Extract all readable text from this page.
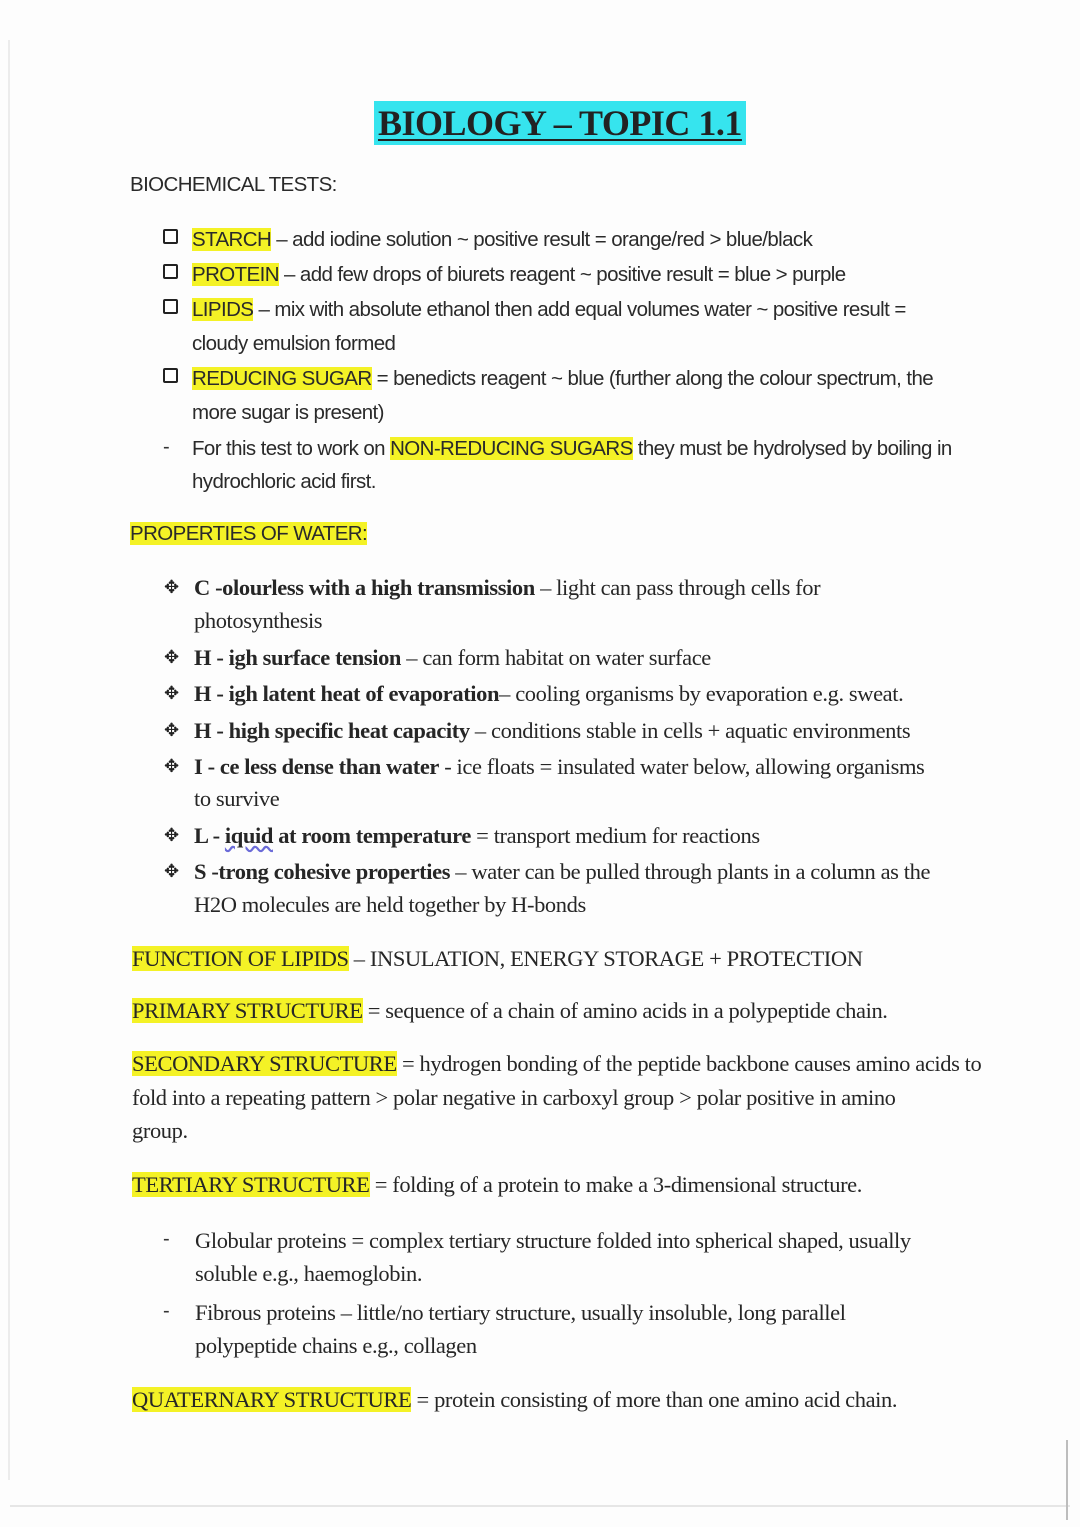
BIOLOGY – TOPIC 1.1
BIOCHEMICAL TESTS:
STARCH – add iodine solution ~ positive result = orange/red > blue/black
PROTEIN – add few drops of biurets reagent ~ positive result = blue > purple
LIPIDS – mix with absolute ethanol then add equal volumes water ~ positive result =
cloudy emulsion formed
REDUCING SUGAR = benedicts reagent ~ blue (further along the colour spectrum, the
more sugar is present)
- For this test to work on NON-REDUCING SUGARS they must be hydrolysed by boiling in
hydrochloric acid first.
PROPERTIES OF WATER:
✥ C -olourless with a high transmission – light can pass through cells for
photosynthesis
✥ H - igh surface tension – can form habitat on water surface
✥ H - igh latent heat of evaporation– cooling organisms by evaporation e.g. sweat.
✥ H - high specific heat capacity – conditions stable in cells + aquatic environments
✥ I - ce less dense than water - ice floats = insulated water below, allowing organisms
to survive
✥ L - iquid at room temperature = transport medium for reactions
✥ S -trong cohesive properties – water can be pulled through plants in a column as the
H2O molecules are held together by H-bonds
FUNCTION OF LIPIDS – INSULATION, ENERGY STORAGE + PROTECTION
PRIMARY STRUCTURE = sequence of a chain of amino acids in a polypeptide chain.
SECONDARY STRUCTURE = hydrogen bonding of the peptide backbone causes amino acids to
fold into a repeating pattern > polar negative in carboxyl group > polar positive in amino
group.
TERTIARY STRUCTURE = folding of a protein to make a 3-dimensional structure.
- Globular proteins = complex tertiary structure folded into spherical shaped, usually
soluble e.g., haemoglobin.
- Fibrous proteins – little/no tertiary structure, usually insoluble, long parallel
polypeptide chains e.g., collagen
QUATERNARY STRUCTURE = protein consisting of more than one amino acid chain.
